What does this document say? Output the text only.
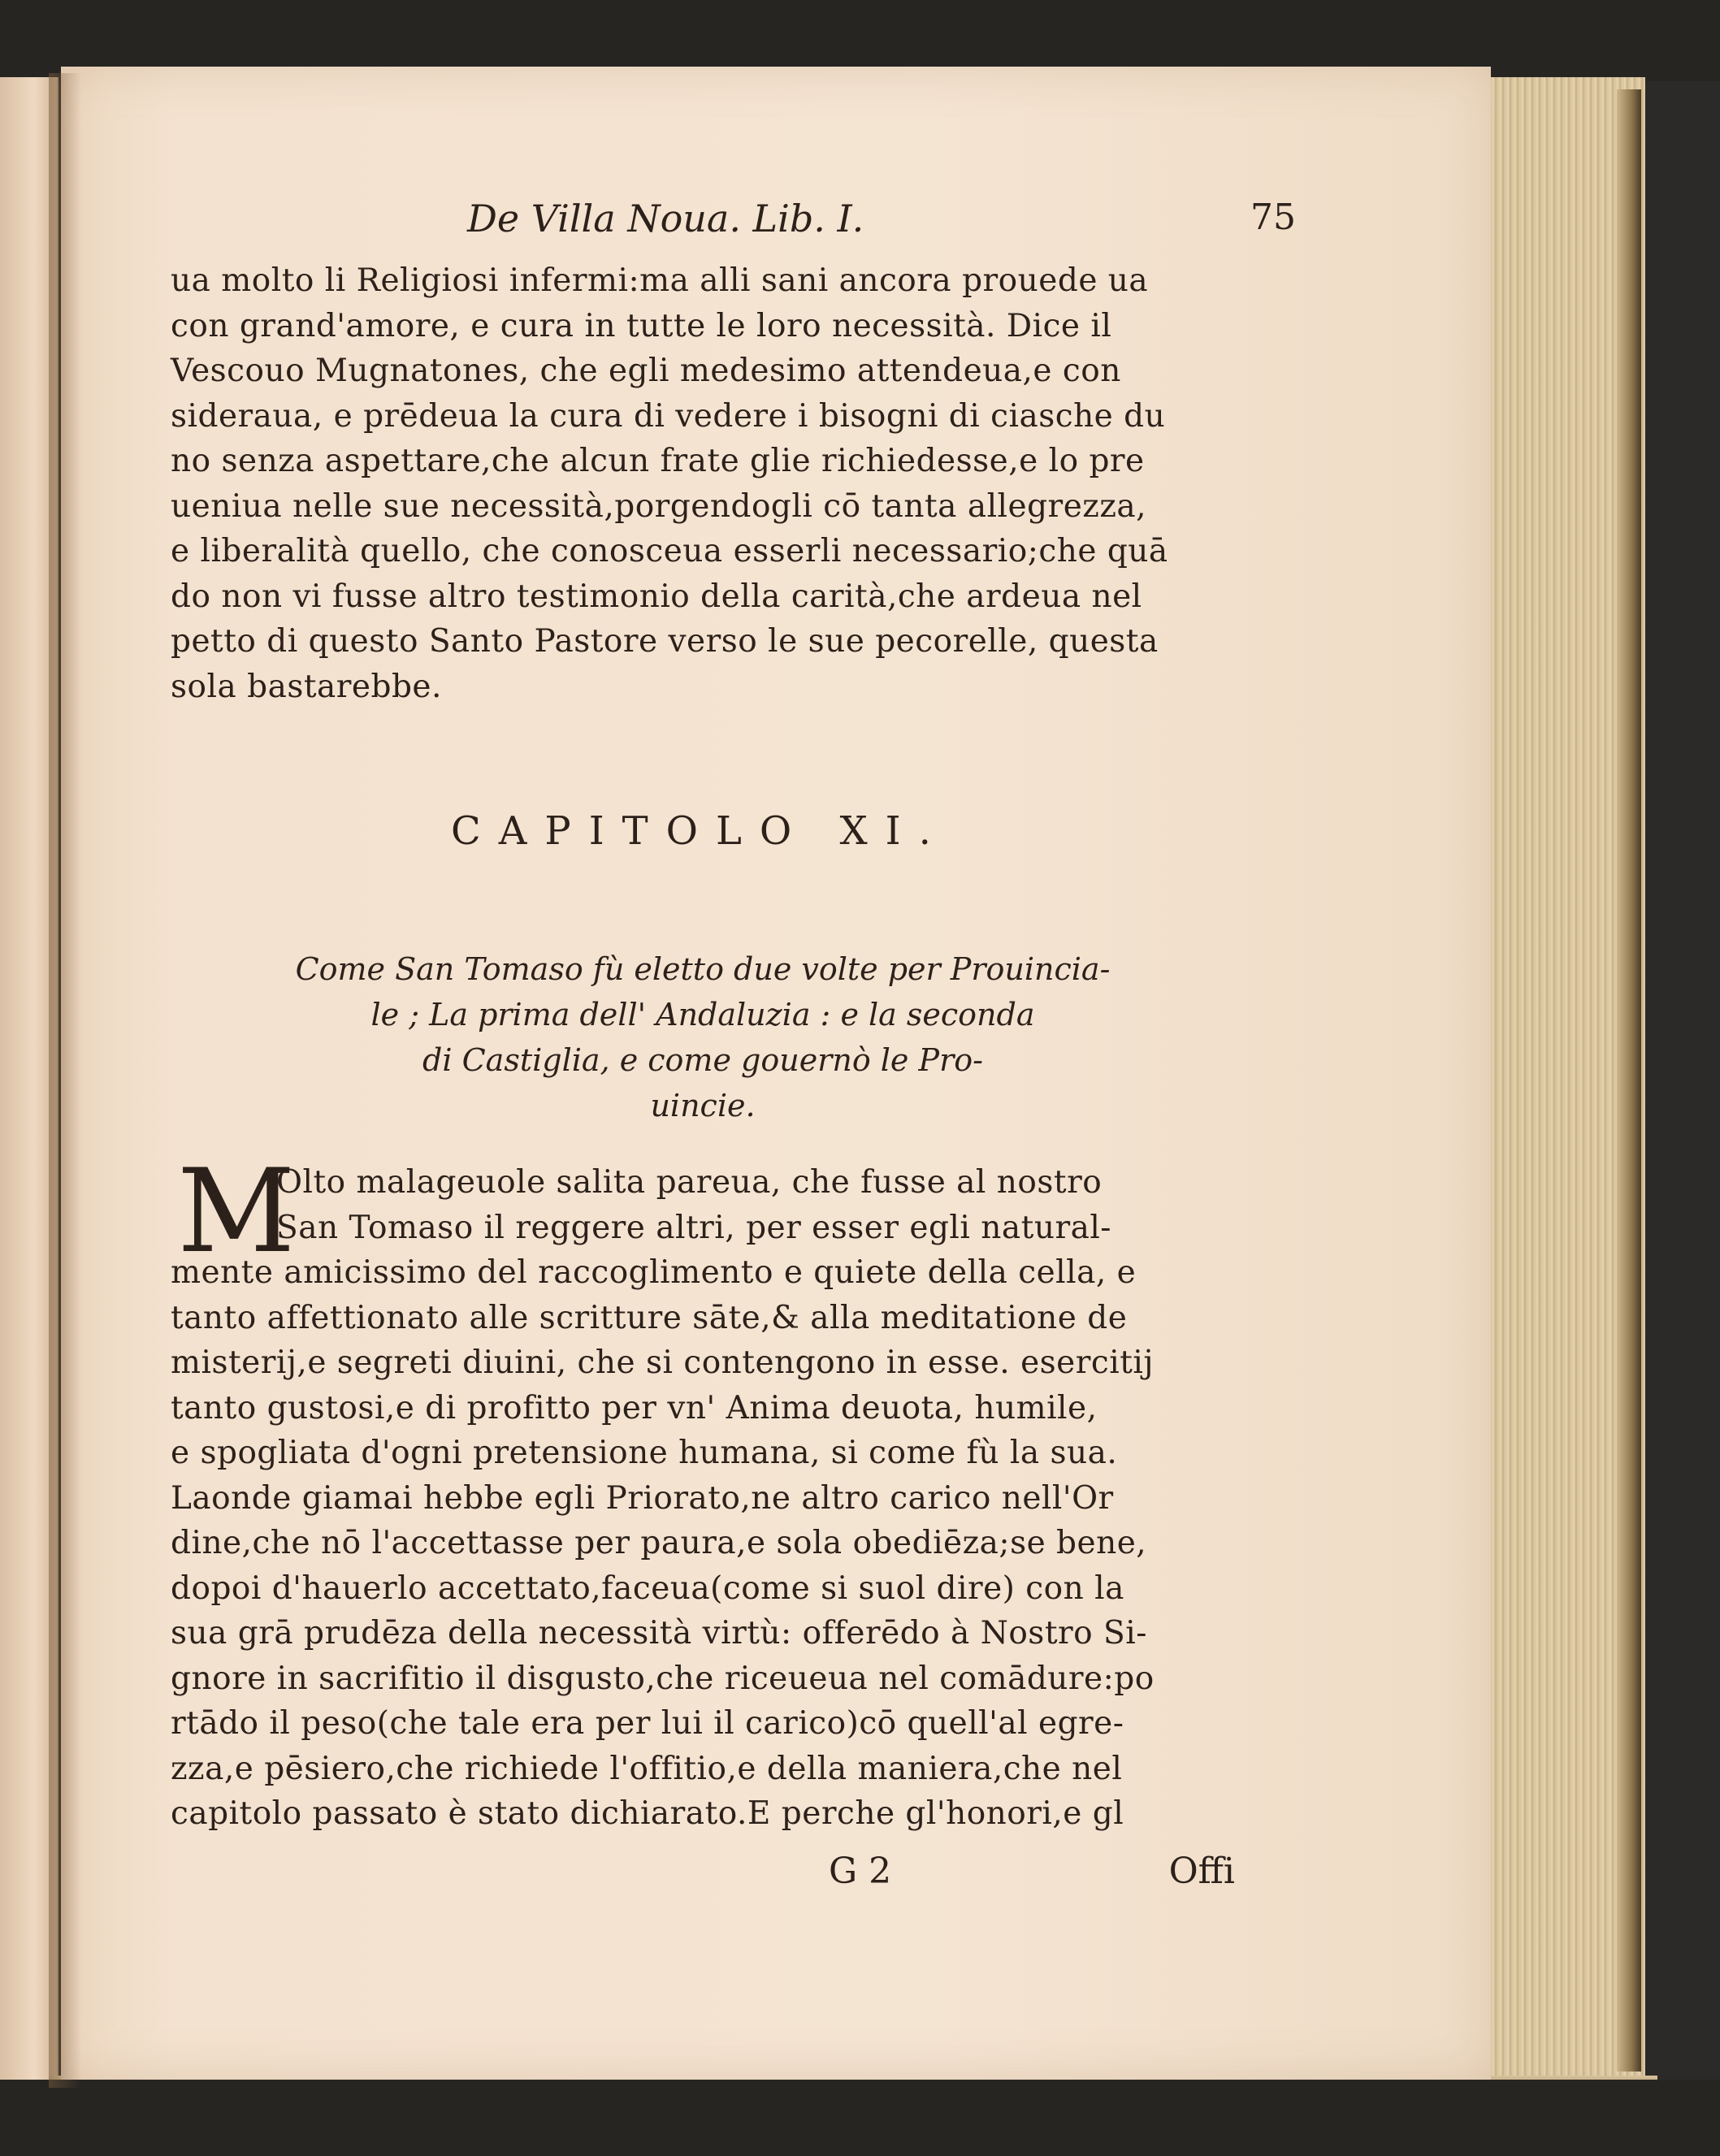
De Villa Noua. Lib. I.	75
ua molto li Religiosi infermi:ma alli sani ancora prouede ua
con grand'amore, e cura in tutte le loro necessità. Dice il
Vescouo Mugnatones, che egli medesimo attendeua,e con
sideraua, e prēdeua la cura di vedere i bisogni di ciasche du
no senza aspettare,che alcun frate glie richiedesse,e lo pre
ueniua nelle sue necessità,porgendogli cō tanta allegrezza,
e liberalità quello, che conosceua esserli necessario;che quā
do non vi fusse altro testimonio della carità,che ardeua nel
petto di questo Santo Pastore verso le sue pecorelle, questa
sola bastarebbe.
CAPITOLO XI.
Come San Tomaso fù eletto due volte per Prouincia-
le ; La prima dell' Andaluzia : e la seconda
di Castiglia, e come gouernò le Pro-
uincie.
M
Olto malageuole salita pareua, che fusse al nostro
San Tomaso il reggere altri, per esser egli natural-
mente amicissimo del raccoglimento e quiete della cella, e
tanto affettionato alle scritture sāte,& alla meditatione de
misterij,e segreti diuini, che si contengono in esse. esercitij
tanto gustosi,e di profitto per vn' Anima deuota, humile,
e spogliata d'ogni pretensione humana, si come fù la sua.
Laonde giamai hebbe egli Priorato,ne altro carico nell'Or
dine,che nō l'accettasse per paura,e sola obediēza;se bene,
dopoi d'hauerlo accettato,faceua(come si suol dire) con la
sua grā prudēza della necessità virtù: offerēdo à Nostro Si-
gnore in sacrifitio il disgusto,che riceueua nel comādure:po
rtādo il peso(che tale era per lui il carico)cō quell'al egre-
zza,e pēsiero,che richiede l'offitio,e della maniera,che nel
capitolo passato è stato dichiarato.E perche gl'honori,e gl
G 2	Offi
